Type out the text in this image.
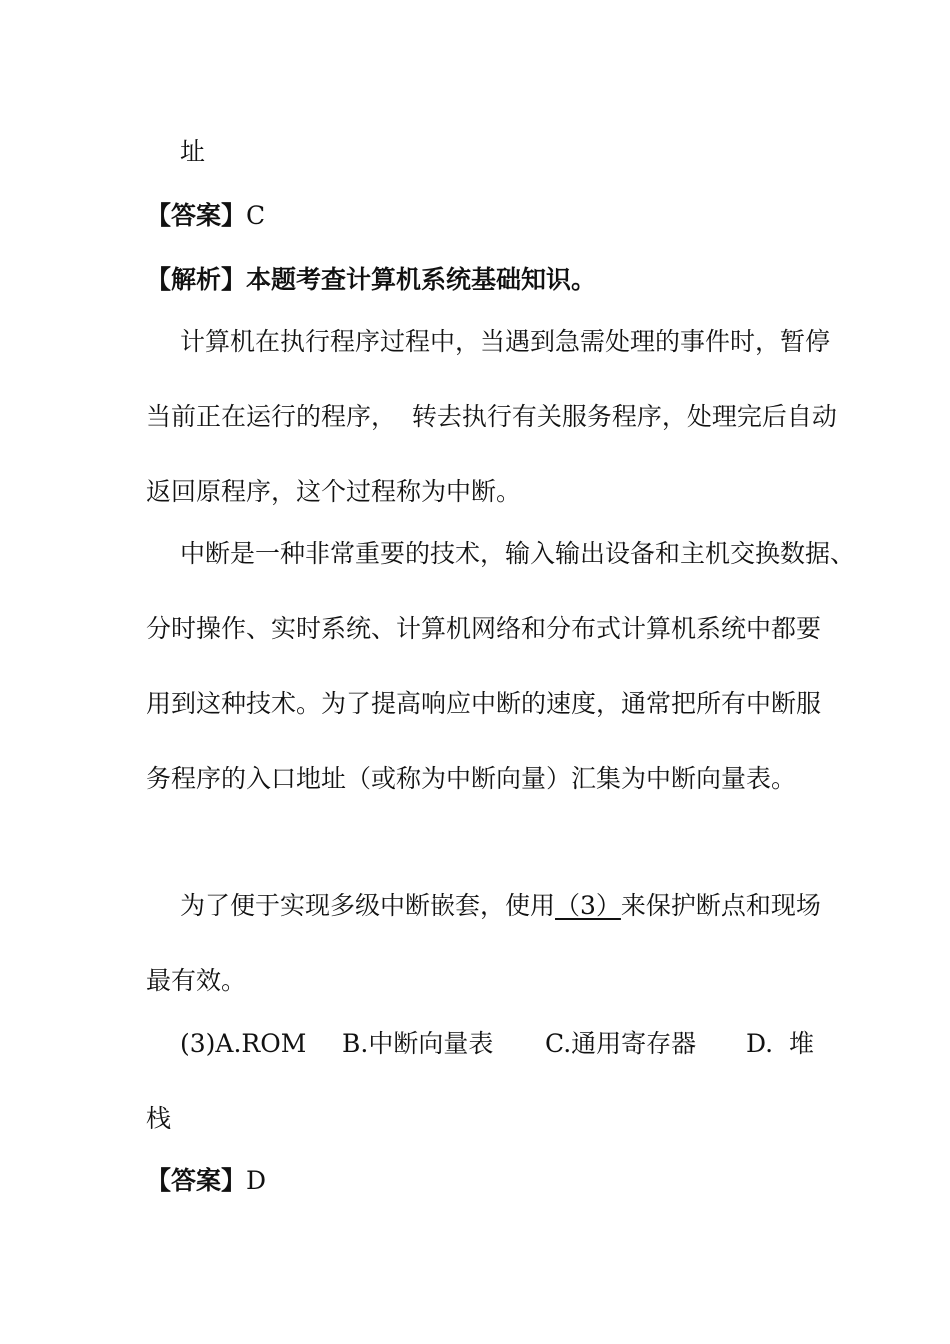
址
【答案】C
【解析】本题考查计算机系统基础知识。
计算机在执行程序过程中，当遇到急需处理的事件时，暂停
当前正在运行的程序，  转去执行有关服务程序，处理完后自动
返回原程序，这个过程称为中断。
中断是一种非常重要的技术，输入输出设备和主机交换数据、
分时操作、实时系统、计算机网络和分布式计算机系统中都要
用到这种技术。为了提高响应中断的速度，通常把所有中断服
务程序的入口地址（或称为中断向量）汇集为中断向量表。
为了便于实现多级中断嵌套，使用（3）来保护断点和现场
最有效。
(3)A.ROM B.中断向量表 C.通用寄存器 D.  堆
栈
【答案】D
